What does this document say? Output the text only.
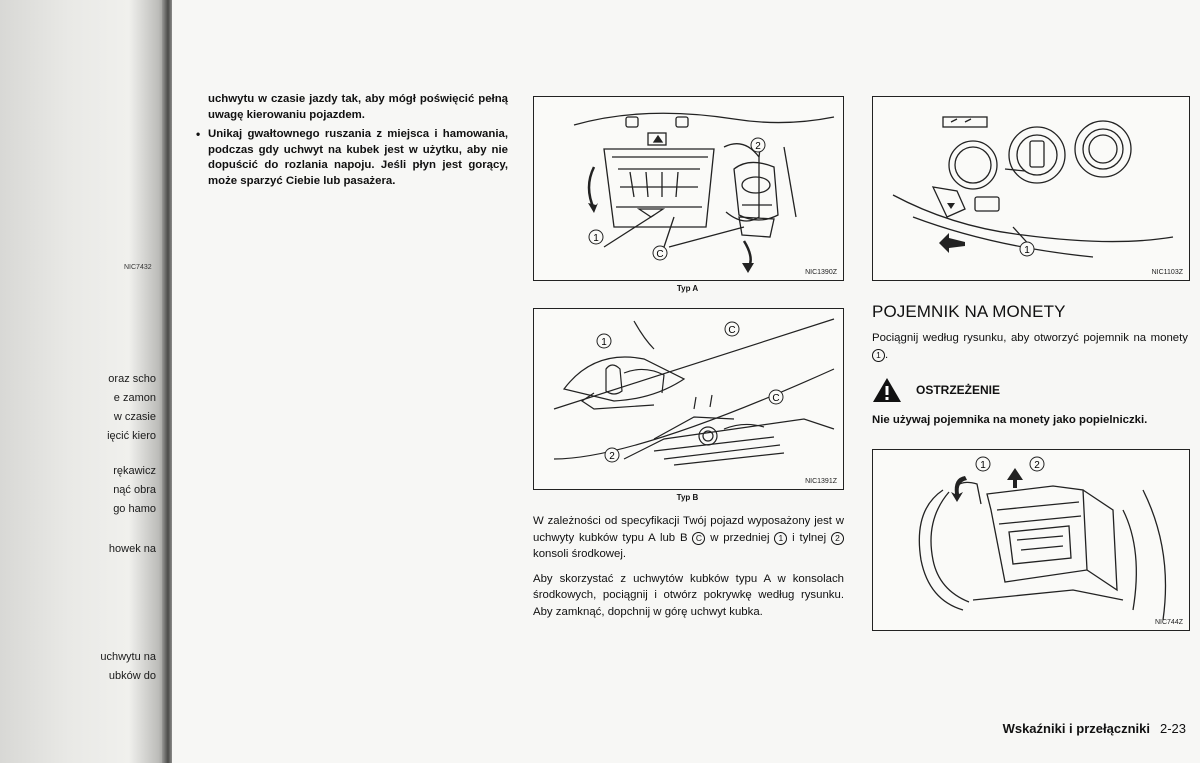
NIC7432
oraz scho
e zamon
w czasie
ięcić kiero
rękawicz
nąć obra
go hamo
howek na
uchwytu na
ubków do

uchwytu w czasie jazdy tak, aby mógł poświęcić pełną uwagę kierowaniu pojazdem.

• Unikaj gwałtownego ruszania z miejsca i hamowania, podczas gdy uchwyt na kubek jest w użytku, aby nie dopuścić do rozlania napoju. Jeśli płyn jest gorący, może sparzyć Ciebie lub pasażera.

1
2
C
NIC1390Z
Typ A
1
C
C
2
NIC1391Z
Typ B

W zależności od specyfikacji Twój pojazd wyposażony jest w uchwyty kubków typu A lub B C w przedniej 1 i tylnej 2 konsoli środkowej.

Aby skorzystać z uchwytów kubków typu A w konsolach środkowych, pociągnij i otwórz pokrywkę według rysunku. Aby zamknąć, dopchnij w górę uchwyt kubka.

1
NIC1103Z
POJEMNIK NA MONETY

Pociągnij według rysunku, aby otworzyć pojemnik na monety 1 .

OSTRZEŻENIE
Nie używaj pojemnika na monety jako popielniczki.
1	2
NIC744Z
Wskaźniki i przełączniki 2-23
